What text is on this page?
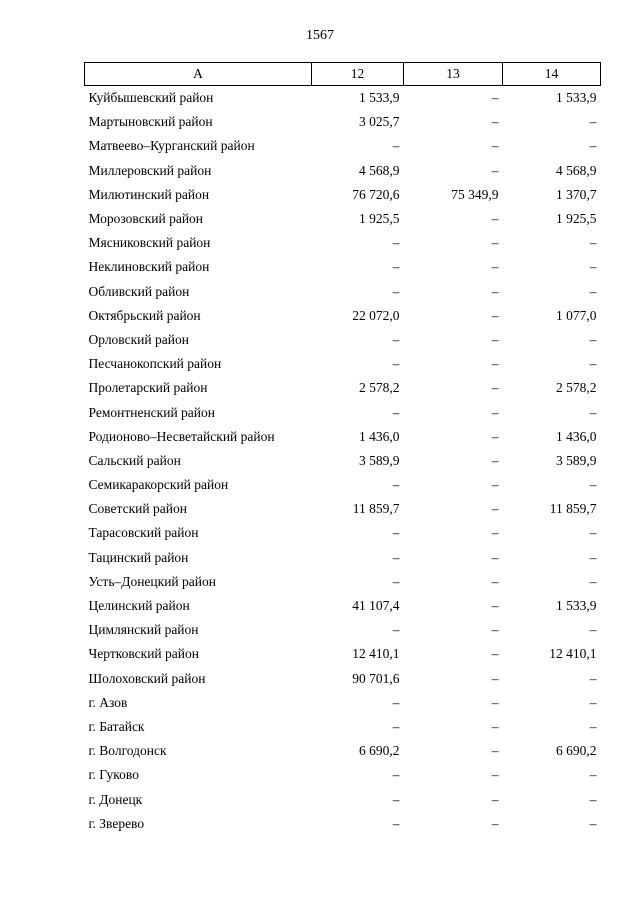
1567
А	12	13	14
Куйбышевский район	1 533,9	–	1 533,9
Мартыновский район	3 025,7	–	–
Матвеево–Курганский район	–	–	–
Миллеровский район	4 568,9	–	4 568,9
Милютинский район	76 720,6	75 349,9	1 370,7
Морозовский район	1 925,5	–	1 925,5
Мясниковский район	–	–	–
Неклиновский район	–	–	–
Обливский район	–	–	–
Октябрьский район	22 072,0	–	1 077,0
Орловский район	–	–	–
Песчанокопский район	–	–	–
Пролетарский район	2 578,2	–	2 578,2
Ремонтненский район	–	–	–
Родионово–Несветайский район	1 436,0	–	1 436,0
Сальский район	3 589,9	–	3 589,9
Семикаракорский район	–	–	–
Советский район	11 859,7	–	11 859,7
Тарасовский район	–	–	–
Тацинский район	–	–	–
Усть–Донецкий район	–	–	–
Целинский район	41 107,4	–	1 533,9
Цимлянский район	–	–	–
Чертковский район	12 410,1	–	12 410,1
Шолоховский район	90 701,6	–	–
г. Азов	–	–	–
г. Батайск	–	–	–
г. Волгодонск	6 690,2	–	6 690,2
г. Гуково	–	–	–
г. Донецк	–	–	–
г. Зверево	–	–	–
